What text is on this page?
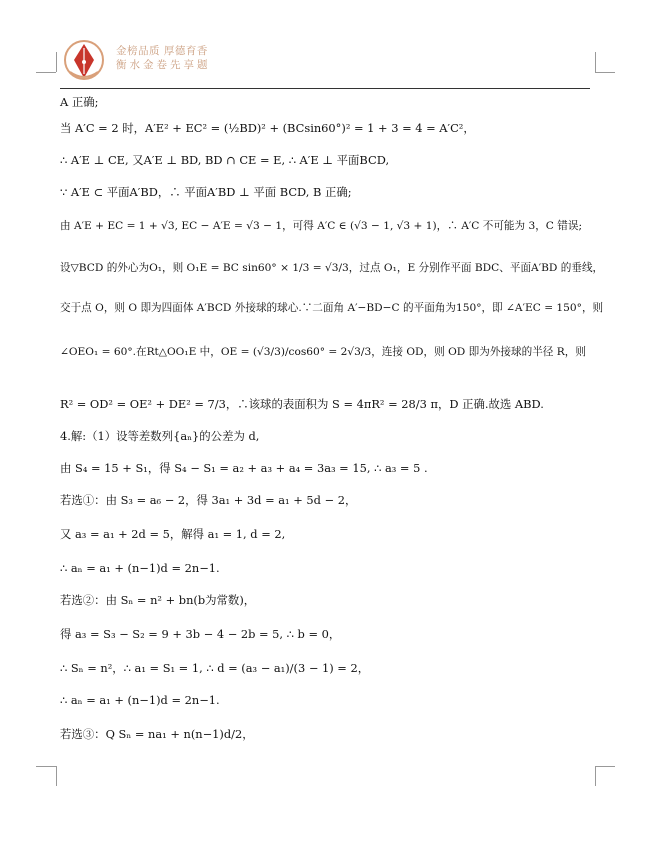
金榜品质 厚德育香
衡水金卷先享题
A 正确;
当 A′C = 2 时，A′E² + EC² = (½BD)² + (BCsin60°)² = 1 + 3 = 4 = A′C²，
∴ A′E ⊥ CE, 又A′E ⊥ BD, BD ∩ CE = E, ∴ A′E ⊥ 平面BCD,
∵ A′E ⊂ 平面A′BD，∴ 平面A′BD ⊥ 平面 BCD, B 正确;
由 A′E + EC = 1 + √3, EC − A′E = √3 − 1，可得 A′C ∈ (√3 − 1, √3 + 1)，∴ A′C 不可能为 3，C 错误;
设▽BCD 的外心为O₁，则 O₁E = BC sin60° × 1/3 = √3/3，过点 O₁，E 分别作平面 BDC、平面A′BD 的垂线，
交于点 O，则 O 即为四面体 A′BCD 外接球的球心.∵二面角 A′−BD−C 的平面角为150°，即 ∠A′EC = 150°，则
∠OEO₁ = 60°.在Rt△OO₁E 中，OE = (√3/3)/cos60° = 2√3/3，连接 OD，则 OD 即为外接球的半径 R，则
R² = OD² = OE² + DE² = 7/3，∴该球的表面积为 S = 4πR² = 28/3 π，D 正确.故选 ABD.
4.解:（1）设等差数列{aₙ}的公差为 d,
由 S₄ = 15 + S₁，得 S₄ − S₁ = a₂ + a₃ + a₄ = 3a₃ = 15, ∴ a₃ = 5 .
若选①：由 S₃ = a₆ − 2，得 3a₁ + 3d = a₁ + 5d − 2，
又 a₃ = a₁ + 2d = 5，解得 a₁ = 1, d = 2,
∴ aₙ = a₁ + (n−1)d = 2n−1.
若选②：由 Sₙ = n² + bn(b为常数)，
得 a₃ = S₃ − S₂ = 9 + 3b − 4 − 2b = 5, ∴ b = 0，
∴ Sₙ = n²，∴ a₁ = S₁ = 1, ∴ d = (a₃ − a₁)/(3 − 1) = 2，
∴ aₙ = a₁ + (n−1)d = 2n−1.
若选③：Q Sₙ = na₁ + n(n−1)d/2，
